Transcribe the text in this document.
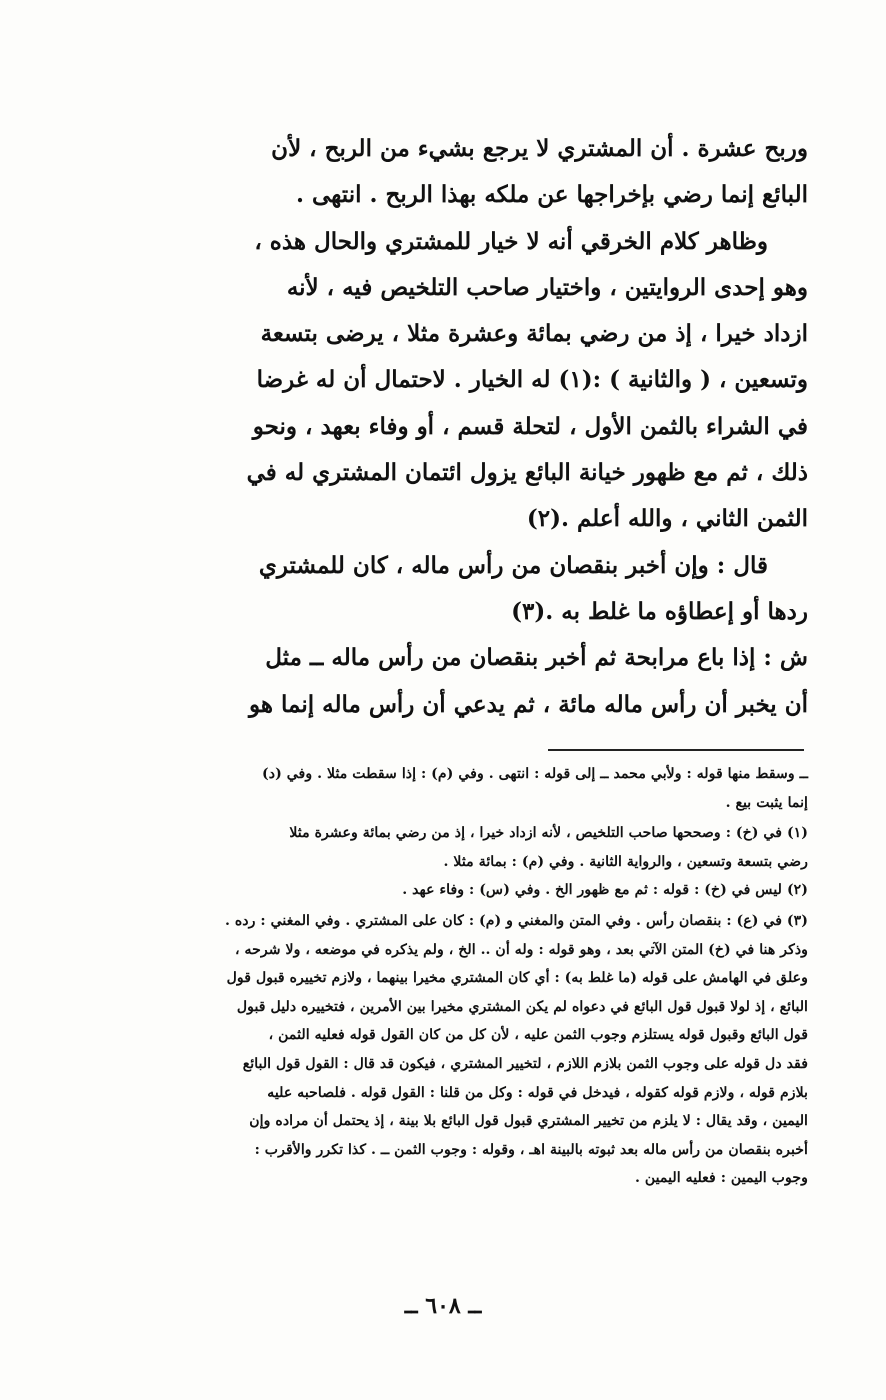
وربح عشرة . أن المشتري لا يرجع بشيء من الربح ، لأن

البائع إنما رضي بإخراجها عن ملكه بهذا الربح . انتهى .

وظاهر كلام الخرقي أنه لا خيار للمشتري والحال هذه ،

وهو إحدى الروايتين ، واختيار صاحب التلخيص فيه ، لأنه

ازداد خيرا ، إذ من رضي بمائة وعشرة مثلا ، يرضى بتسعة

وتسعين ، ( والثانية ) :(١) له الخيار . لاحتمال أن له غرضا

في الشراء بالثمن الأول ، لتحلة قسم ، أو وفاء بعهد ، ونحو

ذلك ، ثم مع ظهور خيانة البائع يزول ائتمان المشتري له في

الثمن الثاني ، والله أعلم .(٢)

قال : وإن أخبر بنقصان من رأس ماله ، كان للمشتري

ردها أو إعطاؤه ما غلط به .(٣)

ش : إذا باع مرابحة ثم أخبر بنقصان من رأس ماله ــ مثل

أن يخبر أن رأس ماله مائة ، ثم يدعي أن رأس ماله إنما هو

ــ وسقط منها قوله : ولأبي محمد ــ إلى قوله : انتهى . وفي (م) : إذا سقطت مثلا . وفي (د)

إنما يثبت بيع .

(١) في (خ) : وصححها صاحب التلخيص ، لأنه ازداد خيرا ، إذ من رضي بمائة وعشرة مثلا

رضي بتسعة وتسعين ، والرواية الثانية . وفي (م) : بمائة مثلا .

(٢) ليس في (خ) : قوله : ثم مع ظهور الخ . وفي (س) : وفاء عهد .

(٣) في (ع) : بنقصان رأس . وفي المتن والمغني و (م) : كان على المشتري . وفي المغني : رده .

وذكر هنا في (خ) المتن الآتي بعد ، وهو قوله : وله أن .. الخ ، ولم يذكره في موضعه ، ولا شرحه ،

وعلق في الهامش على قوله (ما غلط به) : أي كان المشتري مخيرا بينهما ، ولازم تخييره قبول قول

البائع ، إذ لولا قبول قول البائع في دعواه لم يكن المشتري مخيرا بين الأمرين ، فتخييره دليل قبول

قول البائع وقبول قوله يستلزم وجوب الثمن عليه ، لأن كل من كان القول قوله فعليه الثمن ،

فقد دل قوله على وجوب الثمن بلازم اللازم ، لتخيير المشتري ، فيكون قد قال : القول قول البائع

بلازم قوله ، ولازم قوله كقوله ، فيدخل في قوله : وكل من قلنا : القول قوله . فلصاحبه عليه

اليمين ، وقد يقال : لا يلزم من تخيير المشتري قبول قول البائع بلا بينة ، إذ يحتمل أن مراده وإن

أخبره بنقصان من رأس ماله بعد ثبوته بالبينة اهـ ، وقوله : وجوب الثمن ــ . كذا تكرر والأقرب :

وجوب اليمين : فعليه اليمين .

ــ ٦٠٨ ــ
